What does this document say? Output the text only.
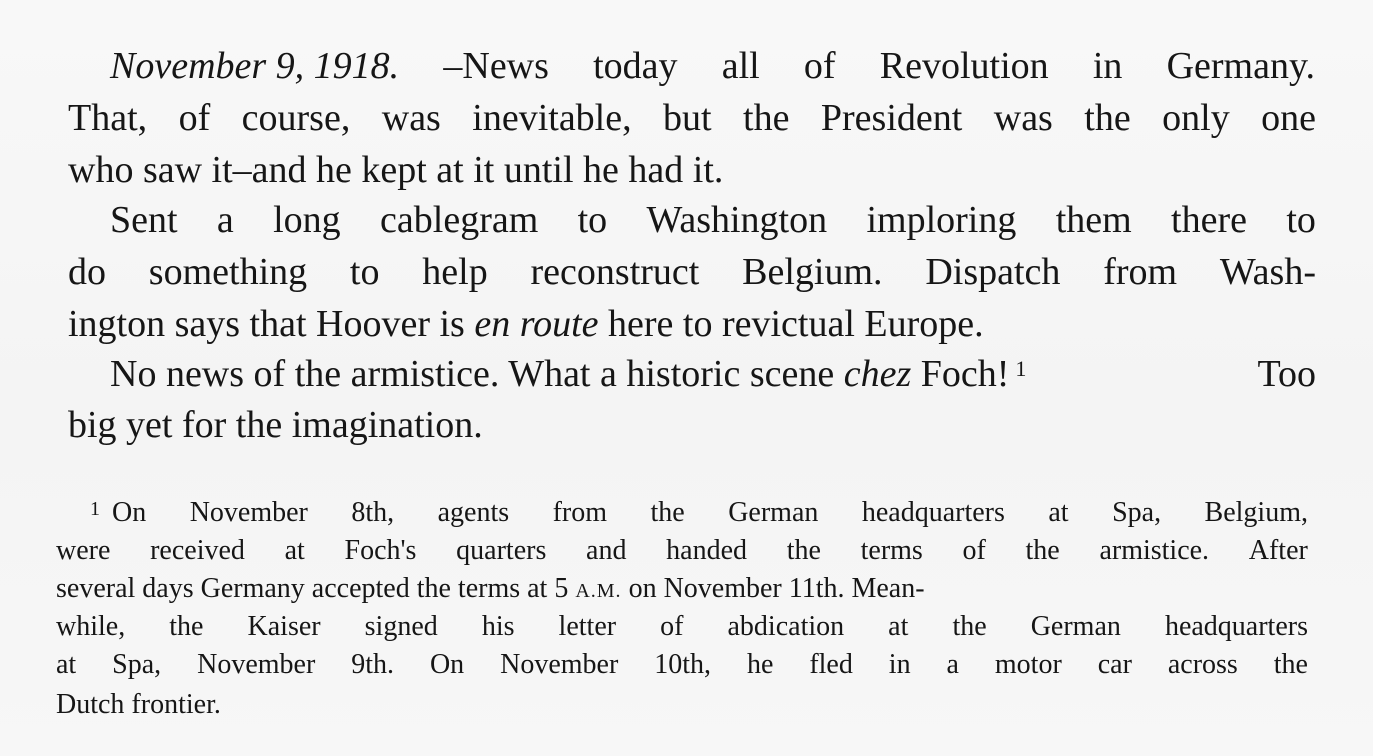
November 9, 1918. –News today all of Revolution in Germany.
That, of course, was inevitable, but the President was the only one
who saw it–and he kept at it until he had it.
Sent a long cablegram to Washington imploring them there to
do something to help reconstruct Belgium. Dispatch from Wash-
ington says that Hoover is en route here to revictual Europe.
No news of the armistice. What a historic scene chez Foch! $^1$	Too
big yet for the imagination.
$^1$ On November 8th, agents from the German headquarters at Spa, Belgium,
were received at Foch's quarters and handed the terms of the armistice. After
several days Germany accepted the terms at 5 A.M. on November 11th. Mean-
while, the Kaiser signed his letter of abdication at the German headquarters
at Spa, November 9th. On November 10th, he fled in a motor car across the
Dutch frontier.
